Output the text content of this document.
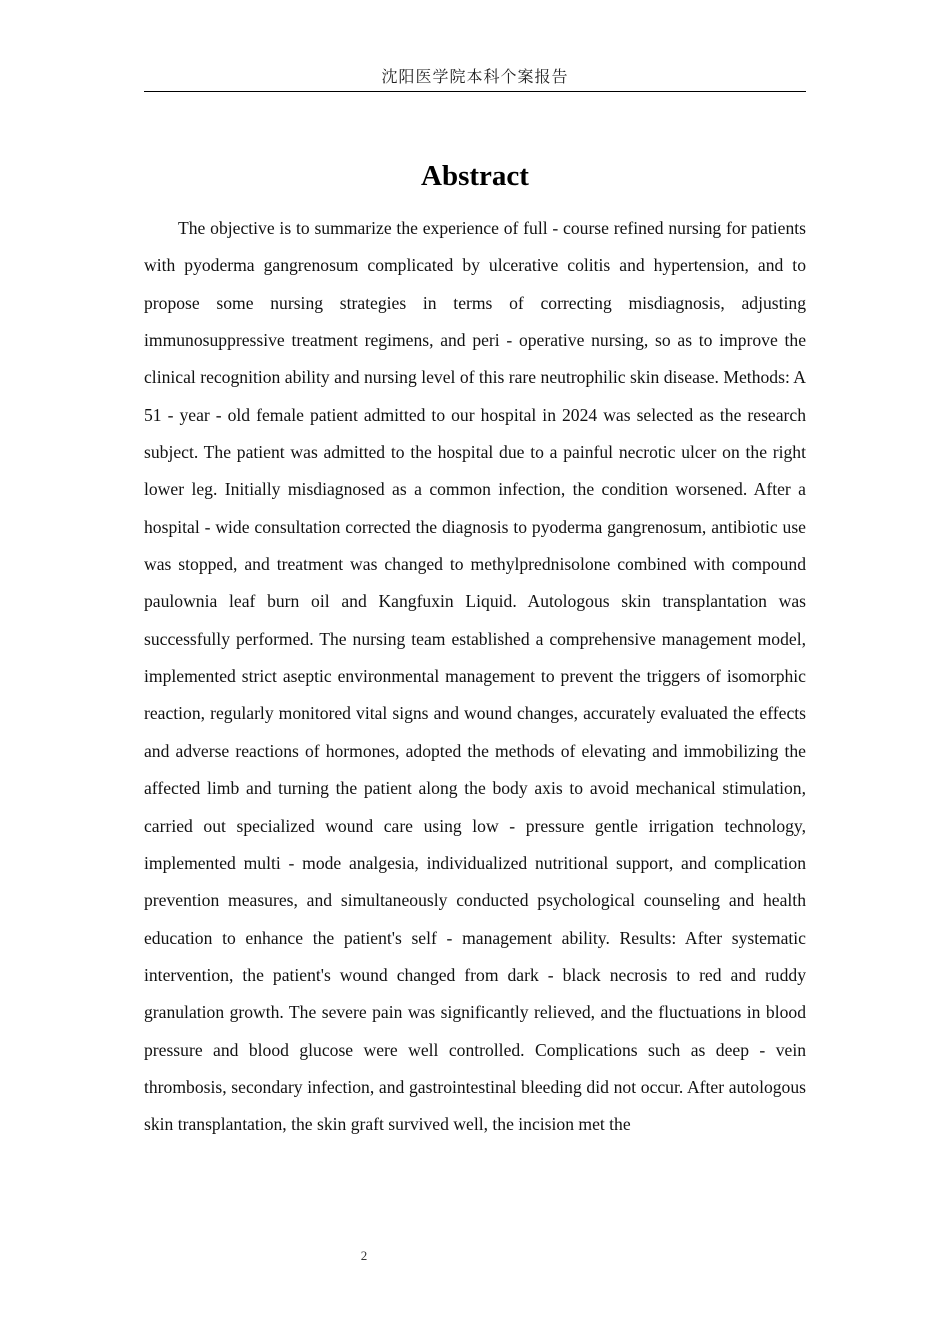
沈阳医学院本科个案报告
Abstract

The objective is to summarize the experience of full - course refined nursing for patients with pyoderma gangrenosum complicated by ulcerative colitis and hypertension, and to propose some nursing strategies in terms of correcting misdiagnosis, adjusting immunosuppressive treatment regimens, and peri - operative nursing, so as to improve the clinical recognition ability and nursing level of this rare neutrophilic skin disease. Methods: A 51 - year - old female patient admitted to our hospital in 2024 was selected as the research subject. The patient was admitted to the hospital due to a painful necrotic ulcer on the right lower leg. Initially misdiagnosed as a common infection, the condition worsened. After a hospital - wide consultation corrected the diagnosis to pyoderma gangrenosum, antibiotic use was stopped, and treatment was changed to methylprednisolone combined with compound paulownia leaf burn oil and Kangfuxin Liquid. Autologous skin transplantation was successfully performed. The nursing team established a comprehensive management model, implemented strict aseptic environmental management to prevent the triggers of isomorphic reaction, regularly monitored vital signs and wound changes, accurately evaluated the effects and adverse reactions of hormones, adopted the methods of elevating and immobilizing the affected limb and turning the patient along the body axis to avoid mechanical stimulation, carried out specialized wound care using low - pressure gentle irrigation technology, implemented multi - mode analgesia, individualized nutritional support, and complication prevention measures, and simultaneously conducted psychological counseling and health education to enhance the patient's self - management ability. Results: After systematic intervention, the patient's wound changed from dark - black necrosis to red and ruddy granulation growth. The severe pain was significantly relieved, and the fluctuations in blood pressure and blood glucose were well controlled. Complications such as deep - vein thrombosis, secondary infection, and gastrointestinal bleeding did not occur. After autologous skin transplantation, the skin graft survived well, the incision met the

2
